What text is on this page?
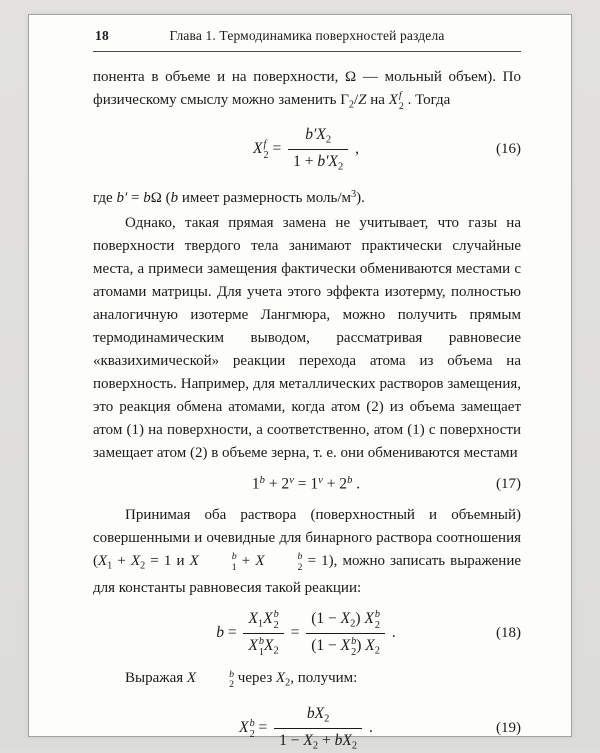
18	Глава 1. Термодинамика поверхностей раздела

понента в объеме и на поверхности, Ω — мольный объем). По физическому смыслу можно заменить $\Gamma_2/Z$ на X f
2 . Тогда

X f
$2 = \frac{b'X_2}{1 + b'X_2}$ ,	(16)

где b′ = bΩ (b имеет размерность моль/$м^3$).

Однако, такая прямая замена не учитывает, что газы на поверхности твердого тела занимают практически случайные места, а примеси замещения фактически обмениваются местами с атомами матрицы. Для учета этого эффекта изотерму, полностью аналогичную изотерме Лангмюра, можно получить прямым термодинамическим выводом, рассматривая равновесие «квазихимической» реакции перехода атома из объема на поверхность. Например, для металлических растворов замещения, это реакция обмена атомами, когда атом (2) из объема замещает атом (1) на поверхности, а соответственно, атом (1) с поверхности замещает атом (2) в объеме зерна, т. е. они обмениваются местами

$1^b + 2^v = 1^v + 2^b$ .	(17)

Принимая оба раствора (поверхностный и объемный) совершенными и очевидные для бинарного раствора соотношения ($X_1 + X_2 = 1$ и X	b
1 + X	b
2 = 1), можно записать выражение для константы равновесия такой реакции:

$b = X_1X$ b
2
X b
1 $X_2 = (1 - X_2)$ X b
2
(1 − X b
2 ) $X_2$ .	(18)

Выражая X	b
2 через $X_2$, получим:

X b
$2 = \frac{bX_2}{1 - X_2 + bX_2}$ .	(19)
